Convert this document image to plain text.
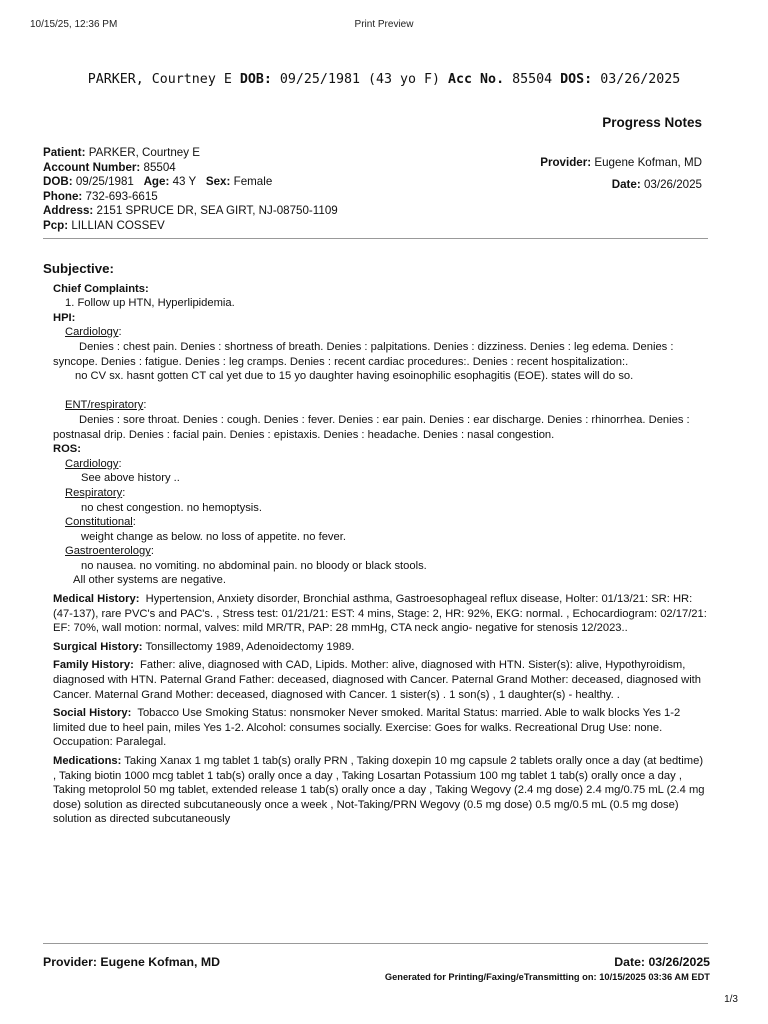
10/15/25, 12:36 PM	Print Preview
PARKER, Courtney E DOB: 09/25/1981 (43 yo F) Acc No. 85504 DOS: 03/26/2025
Progress Notes
Patient: PARKER, Courtney E
Account Number: 85504
DOB: 09/25/1981 Age: 43 Y Sex: Female
Phone: 732-693-6615
Address: 2151 SPRUCE DR, SEA GIRT, NJ-08750-1109
Pcp: LILLIAN COSSEV
Provider: Eugene Kofman, MD
Date: 03/26/2025
Subjective:
Chief Complaints:

1. Follow up HTN, Hyperlipidemia.

HPI:
Cardiology:

Denies : chest pain. Denies : shortness of breath. Denies : palpitations. Denies : dizziness. Denies : leg edema. Denies : syncope. Denies : fatigue. Denies : leg cramps. Denies : recent cardiac procedures:. Denies : recent hospitalization:.

no CV sx. hasnt gotten CT cal yet due to 15 yo daughter having esoinophilic esophagitis (EOE). states will do so.

ENT/respiratory:

Denies : sore throat. Denies : cough. Denies : fever. Denies : ear pain. Denies : ear discharge. Denies : rhinorrhea. Denies : postnasal drip. Denies : facial pain. Denies : epistaxis. Denies : headache. Denies : nasal congestion.

ROS:
Cardiology:

See above history ..

Respiratory:

no chest congestion. no hemoptysis.

Constitutional:

weight change as below. no loss of appetite. no fever.

Gastroenterology:

no nausea. no vomiting. no abdominal pain. no bloody or black stools.

All other systems are negative.

Medical History: Hypertension, Anxiety disorder, Bronchial asthma, Gastroesophageal reflux disease, Holter: 01/13/21: SR: HR: (47-137), rare PVC's and PAC's. , Stress test: 01/21/21: EST: 4 mins, Stage: 2, HR: 92%, EKG: normal. , Echocardiogram: 02/17/21: EF: 70%, wall motion: normal, valves: mild MR/TR, PAP: 28 mmHg, CTA neck angio- negative for stenosis 12/2023..

Surgical History: Tonsillectomy 1989, Adenoidectomy 1989.

Family History: Father: alive, diagnosed with CAD, Lipids. Mother: alive, diagnosed with HTN. Sister(s): alive, Hypothyroidism, diagnosed with HTN. Paternal Grand Father: deceased, diagnosed with Cancer. Paternal Grand Mother: deceased, diagnosed with Cancer. Maternal Grand Mother: deceased, diagnosed with Cancer. 1 sister(s) . 1 son(s) , 1 daughter(s) - healthy. .

Social History: Tobacco Use Smoking Status: nonsmoker Never smoked. Marital Status: married. Able to walk blocks Yes 1-2 limited due to heel pain, miles Yes 1-2. Alcohol: consumes socially. Exercise: Goes for walks. Recreational Drug Use: none. Occupation: Paralegal.

Medications: Taking Xanax 1 mg tablet 1 tab(s) orally PRN , Taking doxepin 10 mg capsule 2 tablets orally once a day (at bedtime) , Taking biotin 1000 mcg tablet 1 tab(s) orally once a day , Taking Losartan Potassium 100 mg tablet 1 tab(s) orally once a day , Taking metoprolol 50 mg tablet, extended release 1 tab(s) orally once a day , Taking Wegovy (2.4 mg dose) 2.4 mg/0.75 mL (2.4 mg dose) solution as directed subcutaneously once a week , Not-Taking/PRN Wegovy (0.5 mg dose) 0.5 mg/0.5 mL (0.5 mg dose) solution as directed subcutaneously

Provider: Eugene Kofman, MD	Date: 03/26/2025
Generated for Printing/Faxing/eTransmitting on: 10/15/2025 03:36 AM EDT
1/3
